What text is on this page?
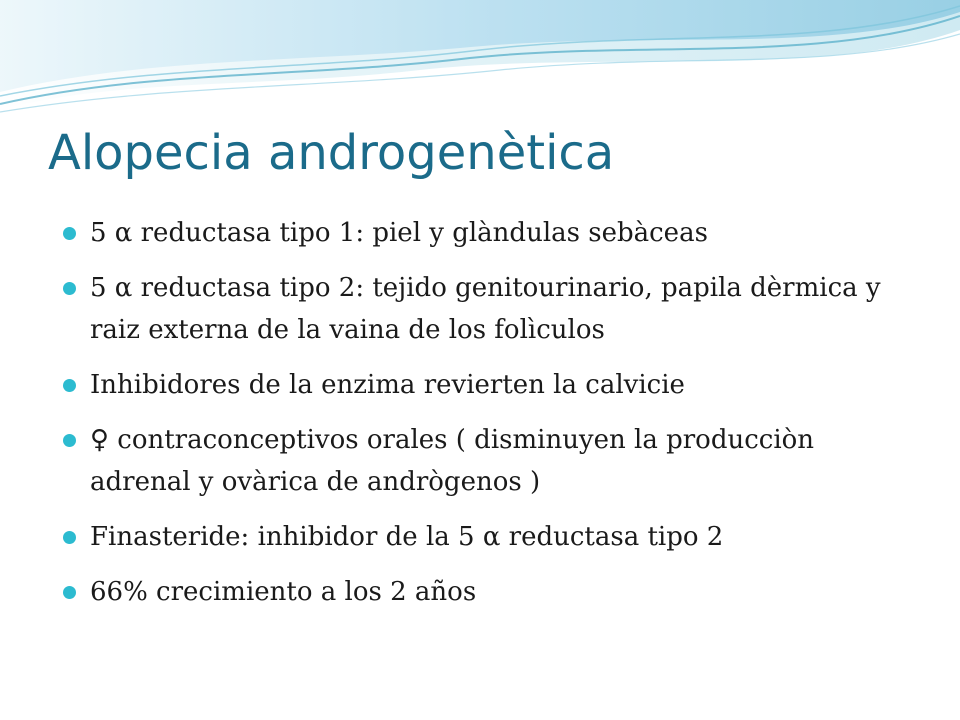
Alopecia androgenètica
5 α reductasa tipo 1: piel y glàndulas sebàceas
5 α reductasa tipo 2: tejido genitourinario, papila dèrmica y raiz externa de la vaina de los folìculos
Inhibidores de la enzima revierten la calvicie
♀ contraconceptivos orales ( disminuyen la producciòn adrenal y ovàrica de andrògenos )
Finasteride: inhibidor de la 5 α reductasa tipo 2
66% crecimiento a los 2 años
